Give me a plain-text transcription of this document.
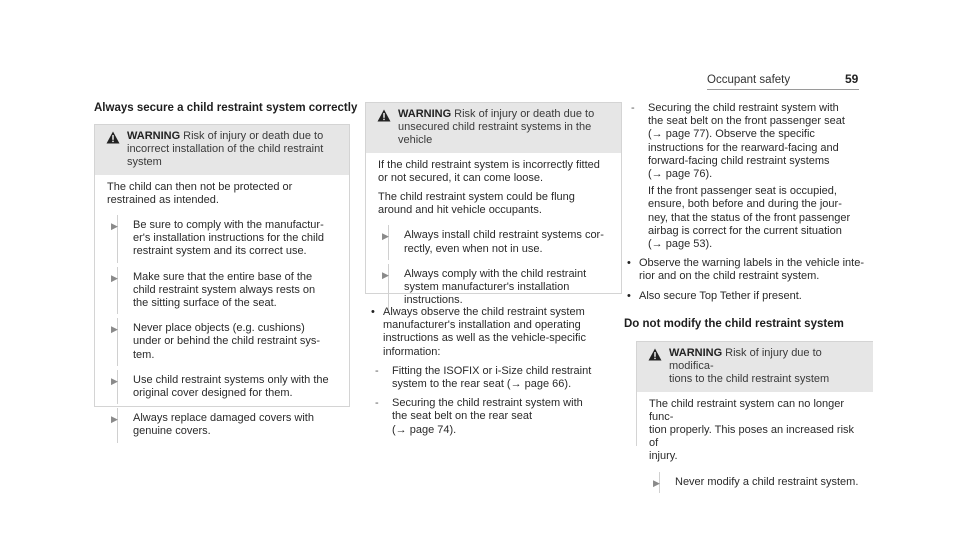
Occupant safety	59
Always secure a child restraint system correctly
WARNING Risk of injury or death due to
incorrect installation of the child restraint
system
The child can then not be protected or
restrained as intended.
▶ Be sure to comply with the manufactur-
er's installation instructions for the child
restraint system and its correct use.
▶ Make sure that the entire base of the
child restraint system always rests on
the sitting surface of the seat.
▶ Never place objects (e.g. cushions)
under or behind the child restraint sys-
tem.
▶ Use child restraint systems only with the
original cover designed for them.
▶ Always replace damaged covers with
genuine covers.
WARNING Risk of injury or death due to
unsecured child restraint systems in the
vehicle
If the child restraint system is incorrectly fitted
or not secured, it can come loose.
The child restraint system could be flung
around and hit vehicle occupants.
▶ Always install child restraint systems cor-
rectly, even when not in use.
▶ Always comply with the child restraint
system manufacturer's installation
instructions.
• Always observe the child restraint system
manufacturer's installation and operating
instructions as well as the vehicle-specific
information:
- Fitting the ISOFIX or i-Size child restraint
system to the rear seat (→ page 66).
- Securing the child restraint system with
the seat belt on the rear seat
(→ page 74).
- Securing the child restraint system with
the seat belt on the front passenger seat
(→ page 77). Observe the specific
instructions for the rearward-facing and
forward-facing child restraint systems
(→ page 76).
If the front passenger seat is occupied,
ensure, both before and during the jour-
ney, that the status of the front passenger
airbag is correct for the current situation
(→ page 53).
• Observe the warning labels in the vehicle inte-
rior and on the child restraint system.
• Also secure Top Tether if present.
Do not modify the child restraint system
WARNING Risk of injury due to modifica-
tions to the child restraint system
The child restraint system can no longer func-
tion properly. This poses an increased risk of
injury.
▶ Never modify a child restraint system.
